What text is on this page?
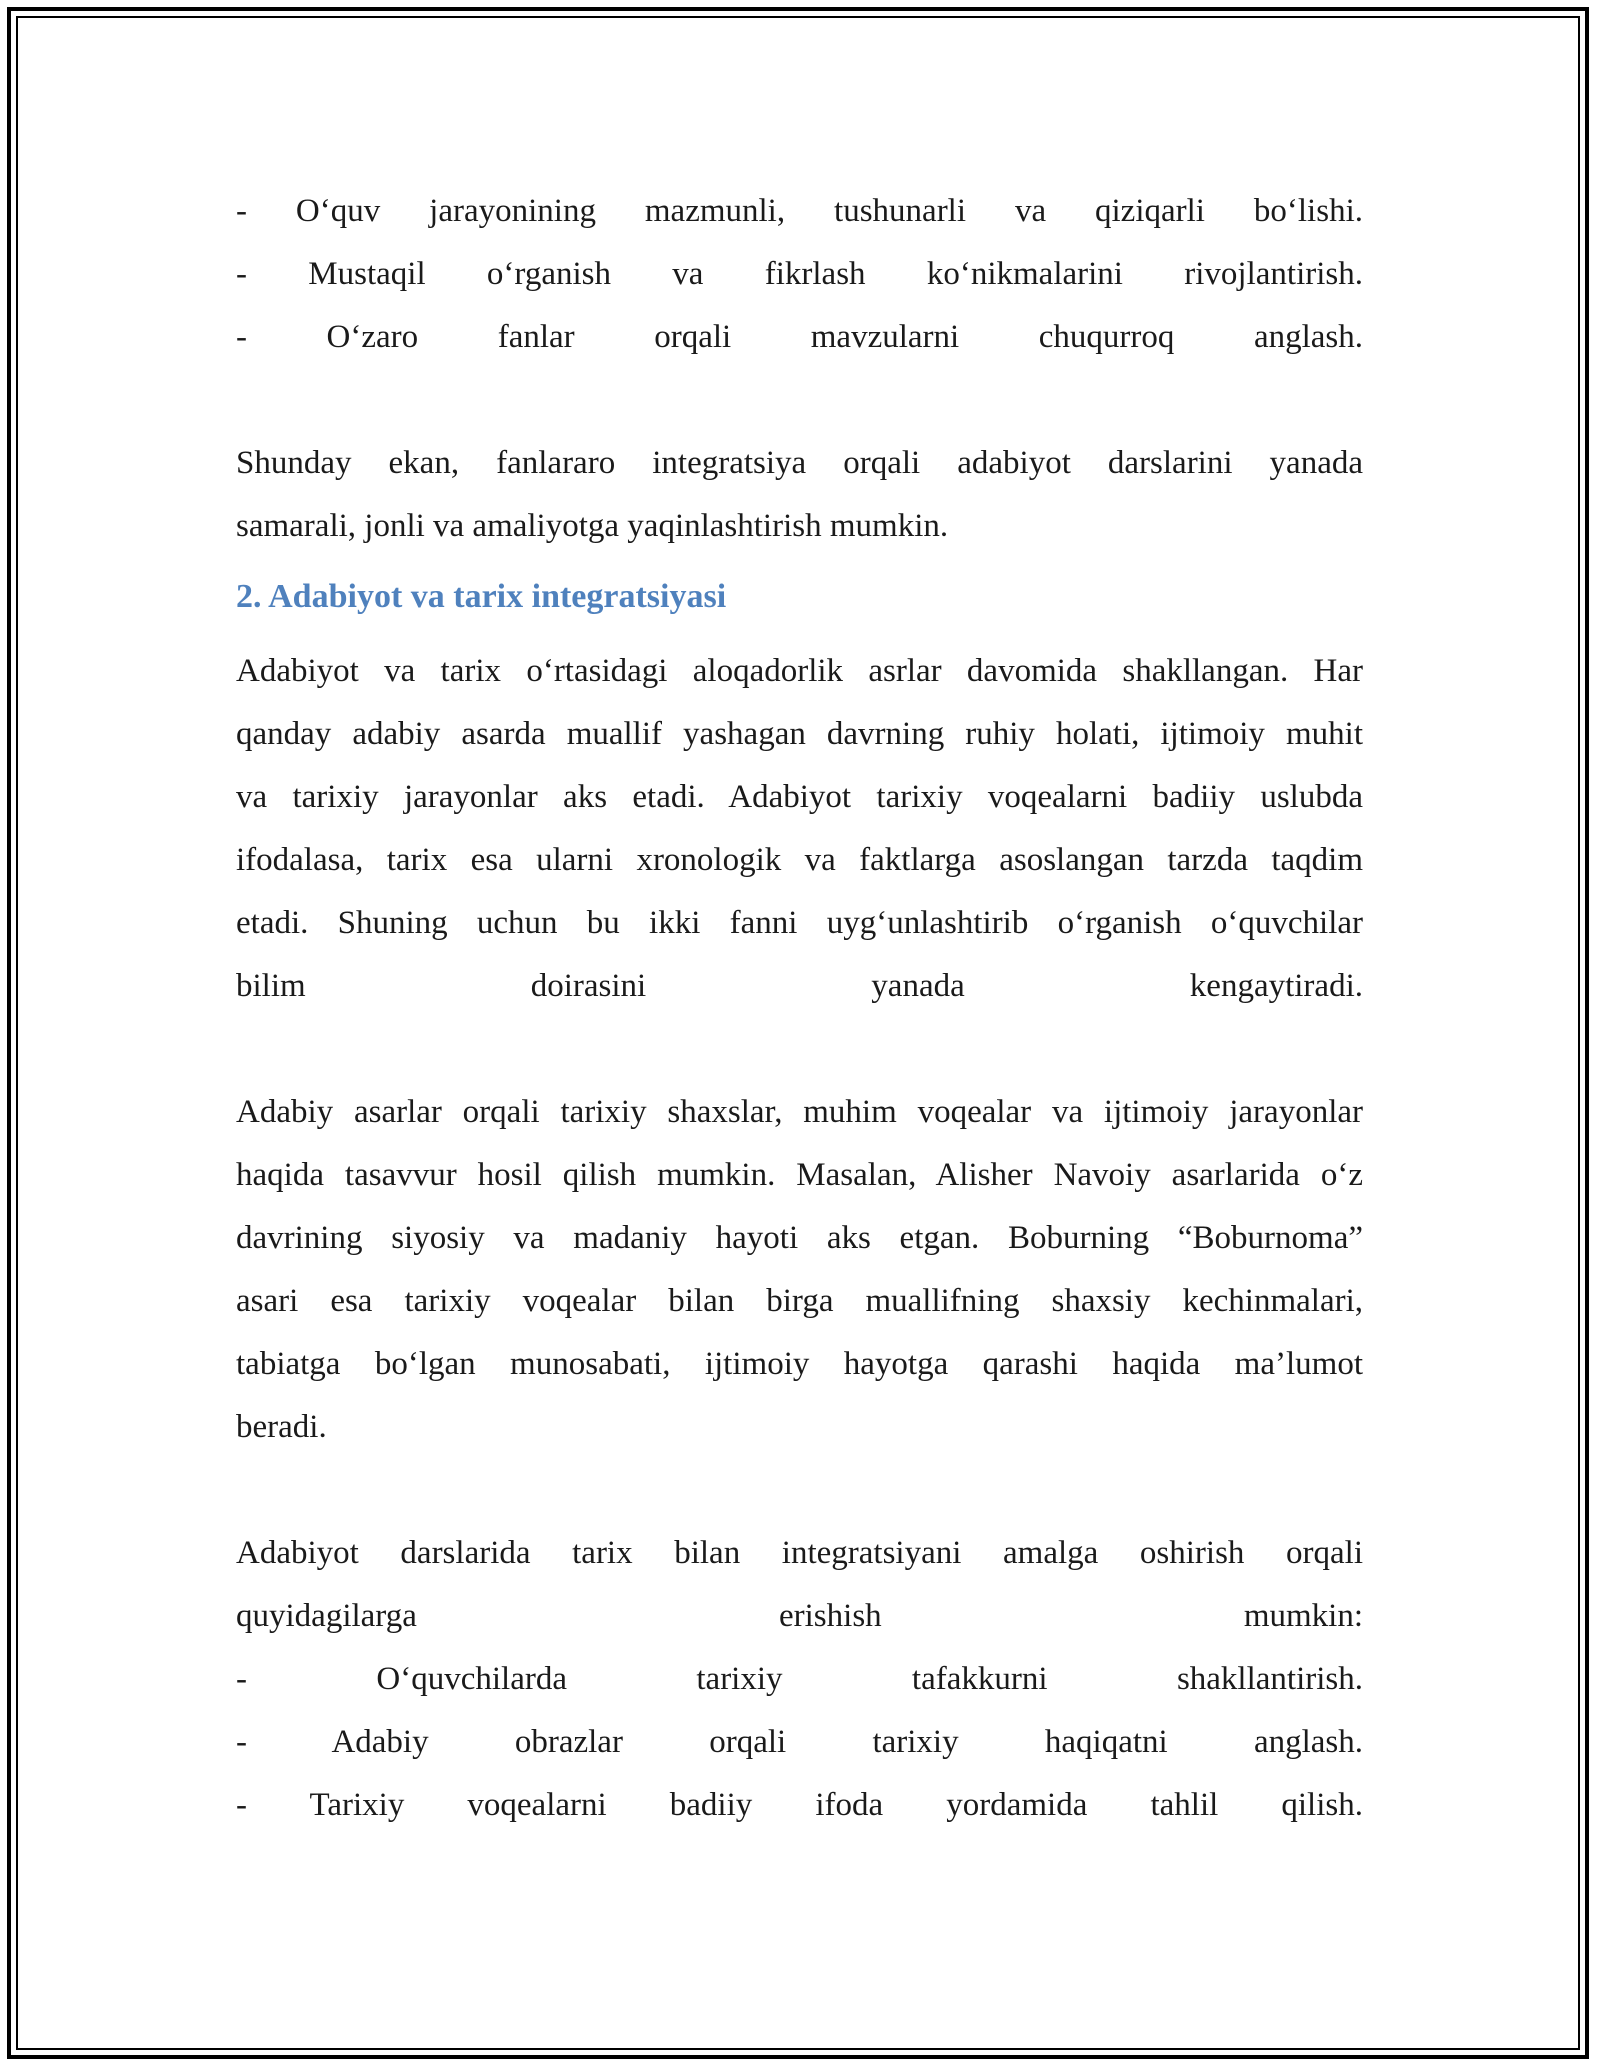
- O‘quv jarayonining mazmunli, tushunarli va qiziqarli bo‘lishi.
- Mustaqil o‘rganish va fikrlash ko‘nikmalarini rivojlantirish.
- O‘zaro fanlar orqali mavzularni chuqurroq anglash.
Shunday ekan, fanlararo integratsiya orqali adabiyot darslarini yanada
samarali, jonli va amaliyotga yaqinlashtirish mumkin.
2. Adabiyot va tarix integratsiyasi
Adabiyot va tarix o‘rtasidagi aloqadorlik asrlar davomida shakllangan. Har
qanday adabiy asarda muallif yashagan davrning ruhiy holati, ijtimoiy muhit
va tarixiy jarayonlar aks etadi. Adabiyot tarixiy voqealarni badiiy uslubda
ifodalasa, tarix esa ularni xronologik va faktlarga asoslangan tarzda taqdim
etadi. Shuning uchun bu ikki fanni uyg‘unlashtirib o‘rganish o‘quvchilar
bilim doirasini yanada kengaytiradi.
Adabiy asarlar orqali tarixiy shaxslar, muhim voqealar va ijtimoiy jarayonlar
haqida tasavvur hosil qilish mumkin. Masalan, Alisher Navoiy asarlarida o‘z
davrining siyosiy va madaniy hayoti aks etgan. Boburning “Boburnoma”
asari esa tarixiy voqealar bilan birga muallifning shaxsiy kechinmalari,
tabiatga bo‘lgan munosabati, ijtimoiy hayotga qarashi haqida ma’lumot
beradi.
Adabiyot darslarida tarix bilan integratsiyani amalga oshirish orqali
quyidagilarga erishish mumkin:
- O‘quvchilarda tarixiy tafakkurni shakllantirish.
- Adabiy obrazlar orqali tarixiy haqiqatni anglash.
- Tarixiy voqealarni badiiy ifoda yordamida tahlil qilish.
